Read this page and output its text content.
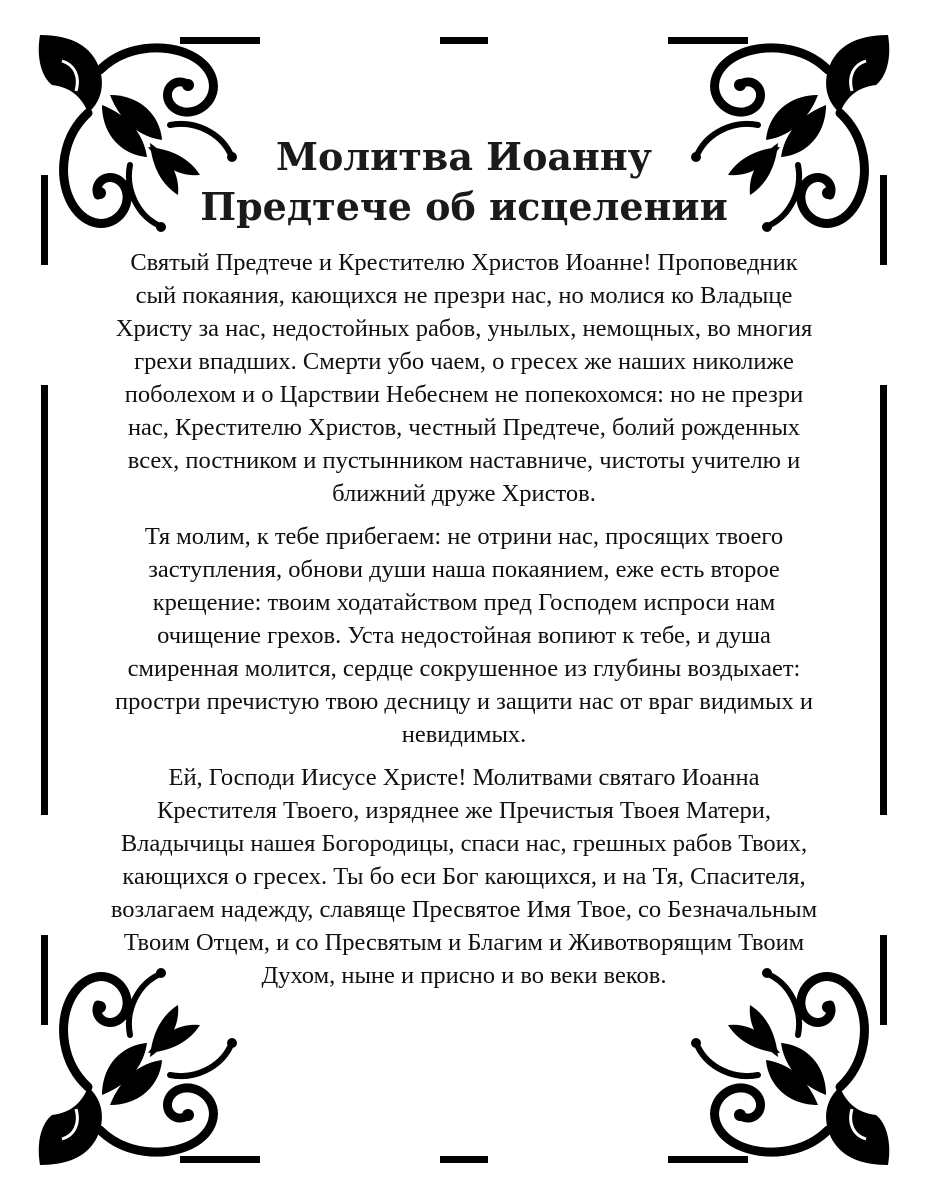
Молитва Иоанну
Предтече об исцелении

Святый Предтече и Крестителю Христов Иоанне! Проповедник сый покаяния, кающихся не презри нас, но молися ко Владыце Христу за нас, недостойных рабов, унылых, немощных, во многия грехи впадших. Смерти убо чаем, о гресех же наших николиже поболехом и о Царствии Небеснем не попекохомся: но не презри нас, Крестителю Христов, честный Предтече, болий рожденных всех, постником и пустынником наставниче, чистоты учителю и ближний друже Христов.

Тя молим, к тебе прибегаем: не отрини нас, просящих твоего заступления, обнови души наша покаянием, еже есть второе крещение: твоим ходатайством пред Господем испроси нам очищение грехов. Уста недостойная вопиют к тебе, и душа смиренная молится, сердце сокрушенное из глубины воздыхает: простри пречистую твою десницу и защити нас от враг видимых и невидимых.

Ей, Господи Иисусе Христе! Молитвами святаго Иоанна Крестителя Твоего, изряднее же Пречистыя Твоея Матери, Владычицы нашея Богородицы, спаси нас, грешных рабов Твоих, кающихся о гресех. Ты бо еси Бог кающихся, и на Тя, Спасителя, возлагаем надежду, славяще Пресвятое Имя Твое, со Безначальным Твоим Отцем, и со Пресвятым и Благим и Животворящим Твоим Духом, ныне и присно и во веки веков.
